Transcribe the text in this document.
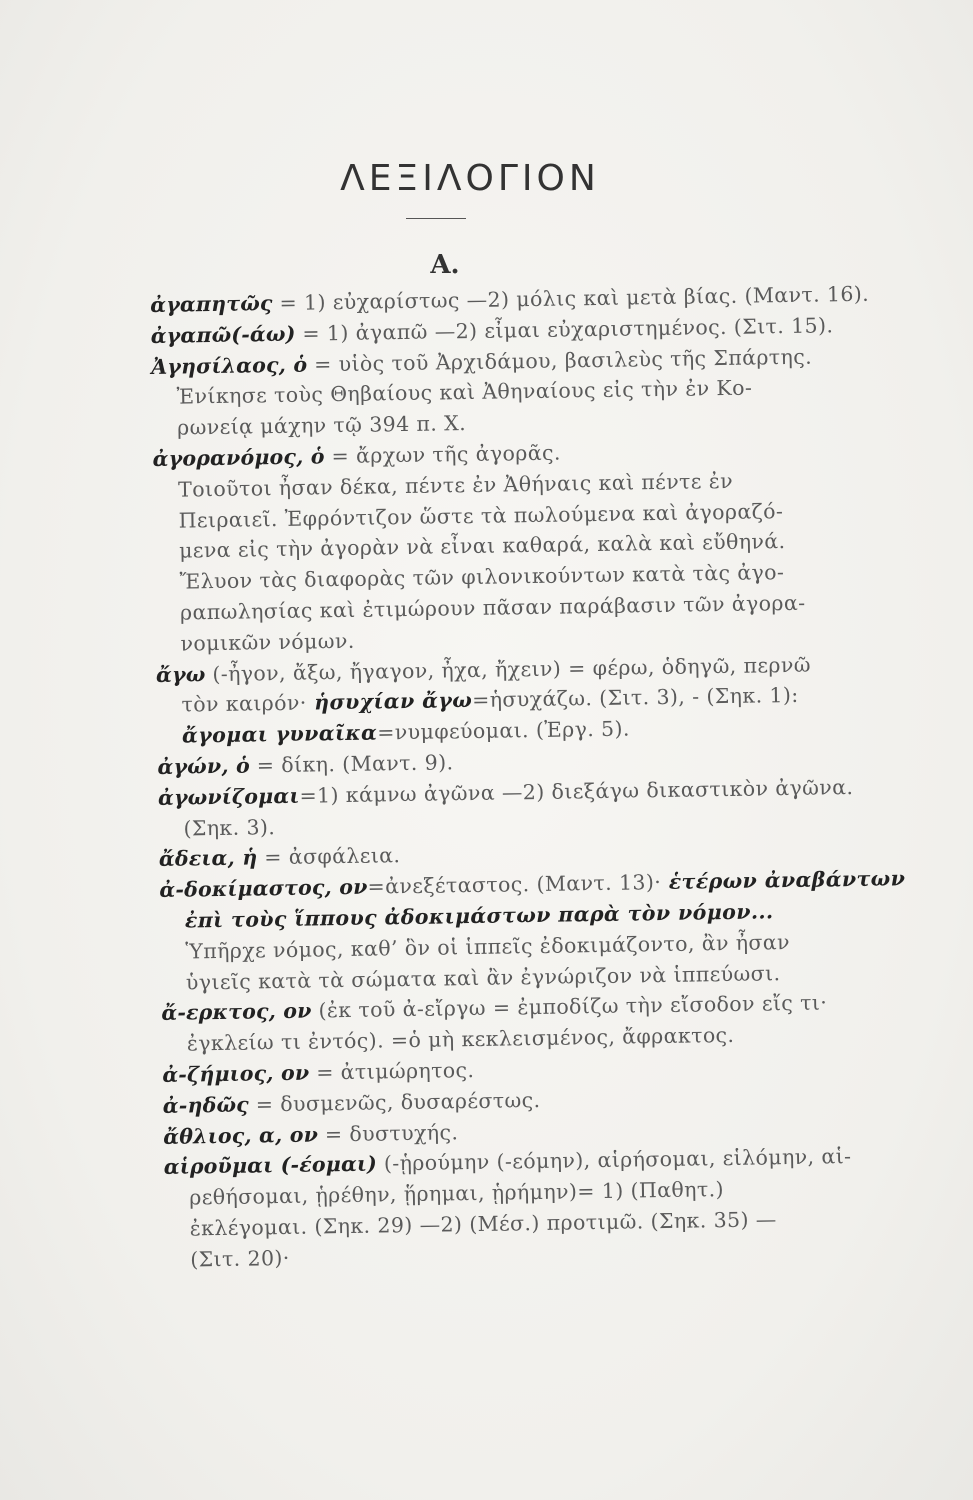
ΛΕΞΙΛΟΓΙΟΝ
Α.
ἀγαπητῶς = 1) εὐχαρίστως —2) μόλις καὶ μετὰ βίας. (Μαντ. 16).
ἀγαπῶ(-άω) = 1) ἀγαπῶ —2) εἶμαι εὐχαριστημένος. (Σιτ. 15).
Ἀγησίλαος, ὁ = υἱὸς τοῦ Ἀρχιδάμου, βασιλεὺς τῆς Σπάρτης.
Ἐνίκησε τοὺς Θηβαίους καὶ Ἀθηναίους εἰς τὴν ἐν Κο-
ρωνείᾳ μάχην τῷ 394 π. Χ.
ἀγορανόμος, ὁ = ἄρχων τῆς ἀγορᾶς.
Τοιοῦτοι ἦσαν δέκα, πέντε ἐν Ἀθήναις καὶ πέντε ἐν
Πειραιεῖ. Ἐφρόντιζον ὥστε τὰ πωλούμενα καὶ ἀγοραζό-
μενα εἰς τὴν ἀγορὰν νὰ εἶναι καθαρά, καλὰ καὶ εὔθηνά.
Ἔλυον τὰς διαφορὰς τῶν φιλονικούντων κατὰ τὰς ἀγο-
ραπωλησίας καὶ ἐτιμώρουν πᾶσαν παράβασιν τῶν ἀγορα-
νομικῶν νόμων.
ἄγω (-ἦγον, ἄξω, ἤγαγον, ἦχα, ἤχειν) = φέρω, ὁδηγῶ, περνῶ
τὸν καιρόν· ἡσυχίαν ἄγω=ἡσυχάζω. (Σιτ. 3), - (Σηκ. 1):
ἄγομαι γυναῖκα=νυμφεύομαι. (Ἐργ. 5).
ἀγών, ὁ = δίκη. (Μαντ. 9).
ἀγωνίζομαι=1) κάμνω ἀγῶνα —2) διεξάγω δικαστικὸν ἀγῶνα.
(Σηκ. 3).
ἄδεια, ἡ = ἀσφάλεια.
ἀ-δοκίμαστος, ον=ἀνεξέταστος. (Μαντ. 13)· ἑτέρων ἀναβάντων
ἐπὶ τοὺς ἵππους ἀδοκιμάστων παρὰ τὸν νόμον...
Ὑπῆρχε νόμος, καθ’ ὃν οἱ ἱππεῖς ἐδοκιμάζοντο, ἂν ἦσαν
ὑγιεῖς κατὰ τὰ σώματα καὶ ἂν ἐγνώριζον νὰ ἱππεύωσι.
ἄ-ερκτος, ον (ἐκ τοῦ ἀ-εἴργω = ἐμποδίζω τὴν εἴσοδον εἴς τι·
ἐγκλείω τι ἐντός). =ὁ μὴ κεκλεισμένος, ἄφρακτος.
ἀ-ζήμιος, ον = ἀτιμώρητος.
ἀ-ηδῶς = δυσμενῶς, δυσαρέστως.
ἄθλιος, α, ον = δυστυχής.
αἱροῦμαι (-έομαι) (-ᾑρούμην (-εόμην), αἱρήσομαι, εἱλόμην, αἱ-
ρεθήσομαι, ᾑρέθην, ᾕρημαι, ᾑρήμην)= 1) (Παθητ.)
ἐκλέγομαι. (Σηκ. 29) —2) (Μέσ.) προτιμῶ. (Σηκ. 35) —
(Σιτ. 20)·
